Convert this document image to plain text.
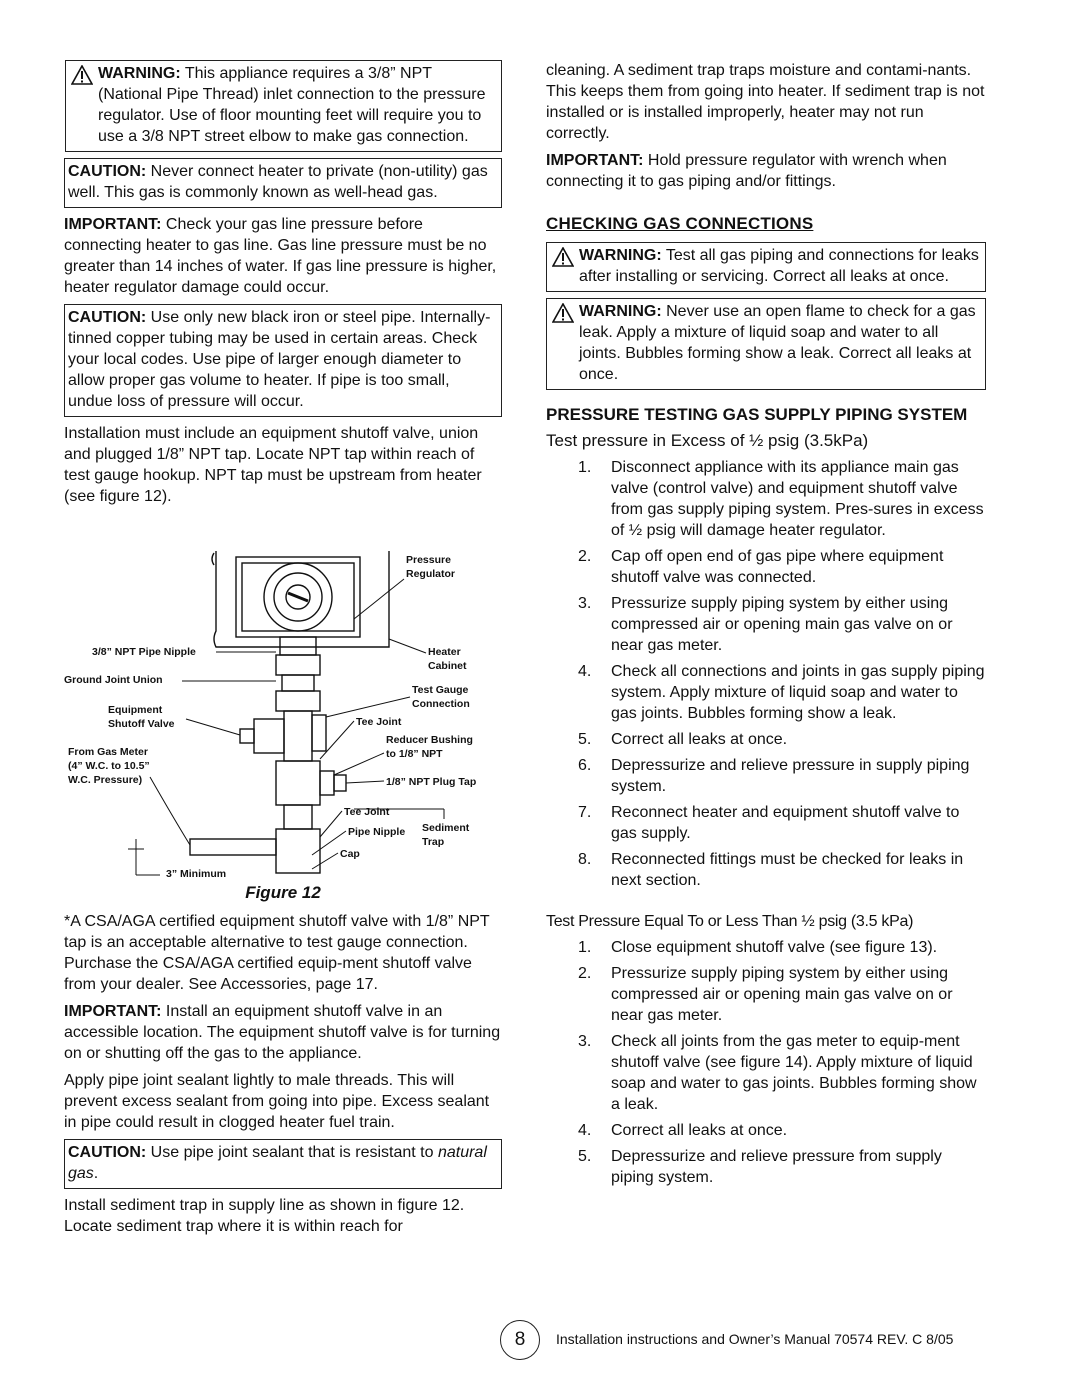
WARNING: This appliance requires a 3/8” NPT (National Pipe Thread) inlet connection to the pressure regulator. Use of floor mounting feet will require you to use a 3/8 NPT street elbow to make gas connection.
CAUTION: Never connect heater to private (non-utility) gas well. This gas is commonly known as well-head gas.

IMPORTANT: Check your gas line pressure before connecting heater to gas line. Gas line pressure must be no greater than 14 inches of water. If gas line pressure is higher, heater regulator damage could occur.

CAUTION: Use only new black iron or steel pipe. Internally-tinned copper tubing may be used in certain areas. Check your local codes. Use pipe of larger enough diameter to allow proper gas volume to heater. If pipe is too small, undue loss of pressure will occur.

Installation must include an equipment shutoff valve, union and plugged 1/8” NPT tap. Locate NPT tap within reach of test gauge hookup. NPT tap must be upstream from heater (see figure 12).

Pressure Regulator
Heater Cabinet
3/8” NPT Pipe Nipple
Ground Joint Union
Test Gauge Connection
Equipment Shutoff Valve	Tee Joint
Reducer Bushing to 1/8” NPT
From Gas Meter (4” W.C. to 10.5” W.C. Pressure)	1/8” NPT Plug Tap
Tee Joint
Pipe Nipple Sediment Trap
Cap
3” Minimum
Figure 12

*A CSA/AGA certified equipment shutoff valve with 1/8” NPT tap is an acceptable alternative to test gauge connection. Purchase the CSA/AGA certified equip-ment shutoff valve from your dealer. See Accessories, page 17.

IMPORTANT: Install an equipment shutoff valve in an accessible location. The equipment shutoff valve is for turning on or shutting off the gas to the appliance.

Apply pipe joint sealant lightly to male threads. This will prevent excess sealant from going into pipe. Excess sealant in pipe could result in clogged heater fuel train.

CAUTION: Use pipe joint sealant that is resistant to natural gas.

Install sediment trap in supply line as shown in figure 12. Locate sediment trap where it is within reach for

cleaning. A sediment trap traps moisture and contami-nants. This keeps them from going into heater. If sediment trap is not installed or is installed improperly, heater may not run correctly.

IMPORTANT: Hold pressure regulator with wrench when connecting it to gas piping and/or fittings.

CHECKING GAS CONNECTIONS
WARNING: Test all gas piping and connections for leaks after installing or servicing. Correct all leaks at once.
WARNING: Never use an open flame to check for a gas leak. Apply a mixture of liquid soap and water to all joints. Bubbles forming show a leak. Correct all leaks at once.
PRESSURE TESTING GAS SUPPLY PIPING SYSTEM
Test pressure in Excess of ½ psig (3.5kPa)
1. Disconnect appliance with its appliance main gas valve (control valve) and equipment shutoff valve from gas supply piping system. Pres-sures in excess of ½ psig will damage heater regulator.
2. Cap off open end of gas pipe where equipment shutoff valve was connected.
3. Pressurize supply piping system by either using compressed air or opening main gas valve on or near gas meter.
4. Check all connections and joints in gas supply piping system. Apply mixture of liquid soap and water to gas joints. Bubbles forming show a leak.
5. Correct all leaks at once.
6. Depressurize and relieve pressure in supply piping system.
7. Reconnect heater and equipment shutoff valve to gas supply.
8. Reconnected fittings must be checked for leaks in next section.
Test Pressure Equal To or Less Than ½ psig (3.5 kPa)
1. Close equipment shutoff valve (see figure 13).
2. Pressurize supply piping system by either using compressed air or opening main gas valve on or near gas meter.
3. Check all joints from the gas meter to equip-ment shutoff valve (see figure 14). Apply mixture of liquid soap and water to gas joints. Bubbles forming show a leak.
4. Correct all leaks at once.
5. Depressurize and relieve pressure from supply piping system.
8	Installation instructions and Owner’s Manual 70574 REV. C 8/05
